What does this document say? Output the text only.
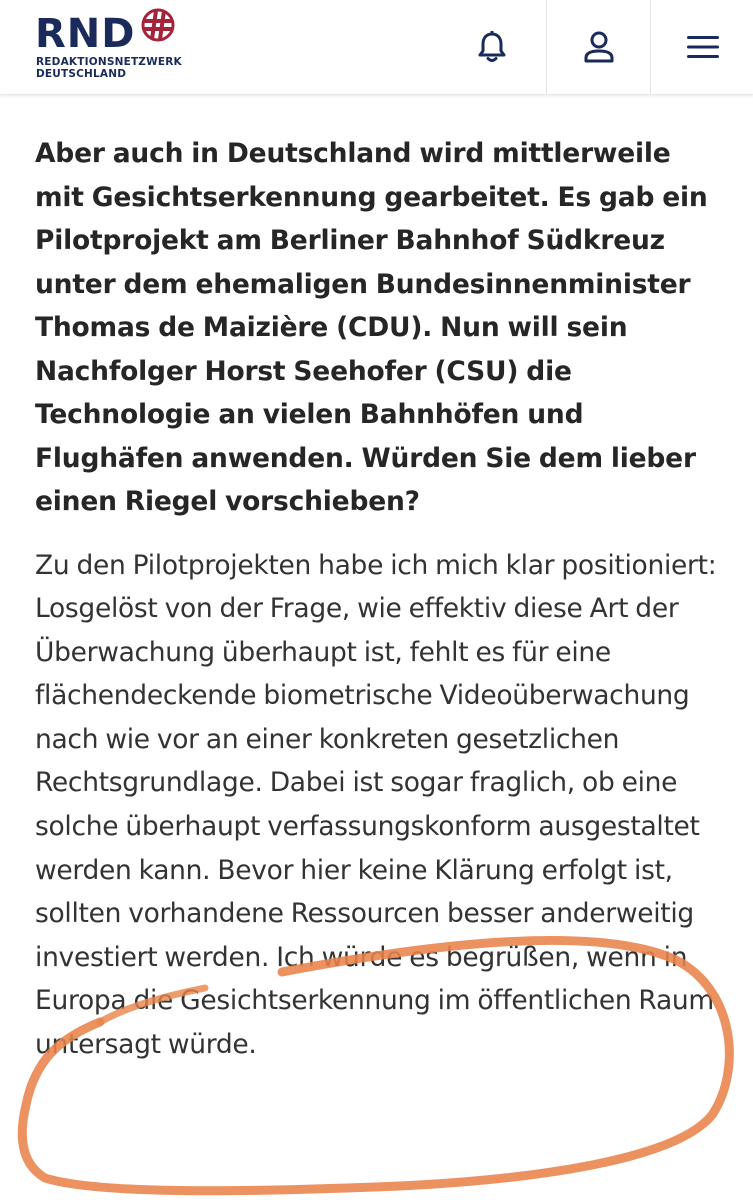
RND
REDAKTIONSNETZWERK
DEUTSCHLAND

Aber auch in Deutschland wird mittlerweile mit Gesichtserkennung gearbeitet. Es gab ein Pilotprojekt am Berliner Bahnhof Südkreuz unter dem ehemaligen Bundesinnenminister Thomas de Maizière (CDU). Nun will sein Nachfolger Horst Seehofer (CSU) die Technologie an vielen Bahnhöfen und Flughäfen anwenden. Würden Sie dem lieber einen Riegel vorschieben?

Zu den Pilotprojekten habe ich mich klar positioniert: Losgelöst von der Frage, wie effektiv diese Art der Überwachung überhaupt ist, fehlt es für eine flächendeckende biometrische Videoüberwachung nach wie vor an einer konkreten gesetzlichen Rechtsgrundlage. Dabei ist sogar fraglich, ob eine solche überhaupt verfassungskonform ausgestaltet werden kann. Bevor hier keine Klärung erfolgt ist, sollten vorhandene Ressourcen besser anderweitig investiert werden. Ich würde es begrüßen, wenn in Europa die Gesichtserkennung im öffentlichen Raum untersagt würde.
